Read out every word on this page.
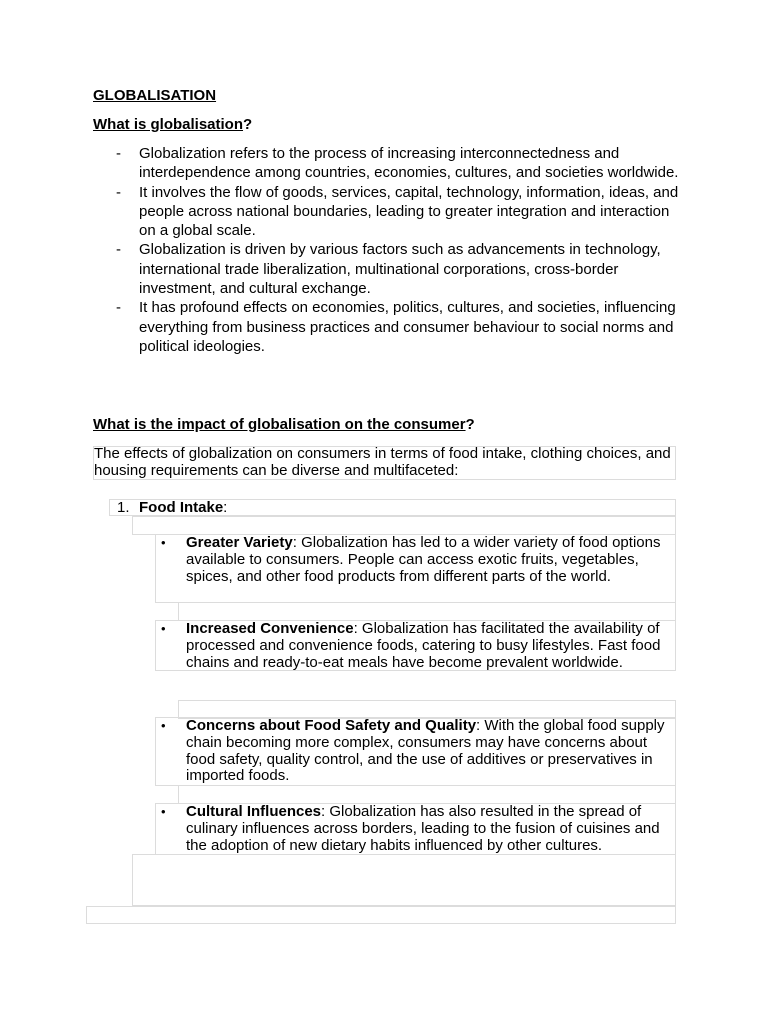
GLOBALISATION

What is globalisation?

- Globalization refers to the process of increasing interconnectedness and interdependence among countries, economies, cultures, and societies worldwide.
- It involves the flow of goods, services, capital, technology, information, ideas, and people across national boundaries, leading to greater integration and interaction on a global scale.
- Globalization is driven by various factors such as advancements in technology, international trade liberalization, multinational corporations, cross-border investment, and cultural exchange.
- It has profound effects on economies, politics, cultures, and societies, influencing everything from business practices and consumer behaviour to social norms and political ideologies.

What is the impact of globalisation on the consumer?

The effects of globalization on consumers in terms of food intake, clothing choices, and housing requirements can be diverse and multifaceted:
1. Food Intake:
• Greater Variety: Globalization has led to a wider variety of food options available to consumers. People can access exotic fruits, vegetables, spices, and other food products from different parts of the world.
• Increased Convenience: Globalization has facilitated the availability of processed and convenience foods, catering to busy lifestyles. Fast food chains and ready-to-eat meals have become prevalent worldwide.
• Concerns about Food Safety and Quality: With the global food supply chain becoming more complex, consumers may have concerns about food safety, quality control, and the use of additives or preservatives in imported foods.
• Cultural Influences: Globalization has also resulted in the spread of culinary influences across borders, leading to the fusion of cuisines and the adoption of new dietary habits influenced by other cultures.
